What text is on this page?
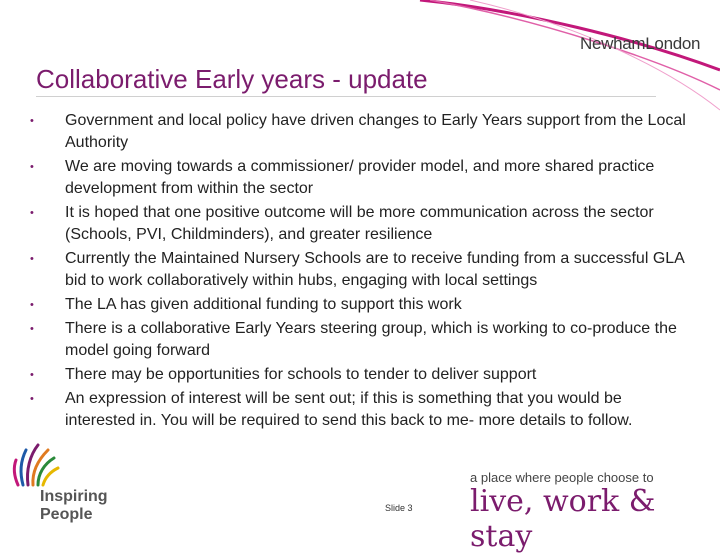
NewhamLondon
Collaborative Early years - update
•	Government and local policy have driven changes to Early Years support from the Local Authority
•	We are moving towards a commissioner/ provider model, and more shared practice development from within the sector
•	It is hoped that one positive outcome will be more communication across the sector (Schools, PVI, Childminders), and greater resilience
•	Currently the Maintained Nursery Schools are to receive funding from a successful GLA bid to work collaboratively within hubs, engaging with local settings
•	The LA has given additional funding to support this work
•	There is a collaborative Early Years steering group, which is working to co-produce the model going forward
•	There may be opportunities for schools to tender to deliver support
•	An expression of interest will be sent out; if this is something that you would be interested in. You will be required to send this back to me- more details to follow.
Inspiring
People	Slide 3
a place where people choose to
live, work & stay
